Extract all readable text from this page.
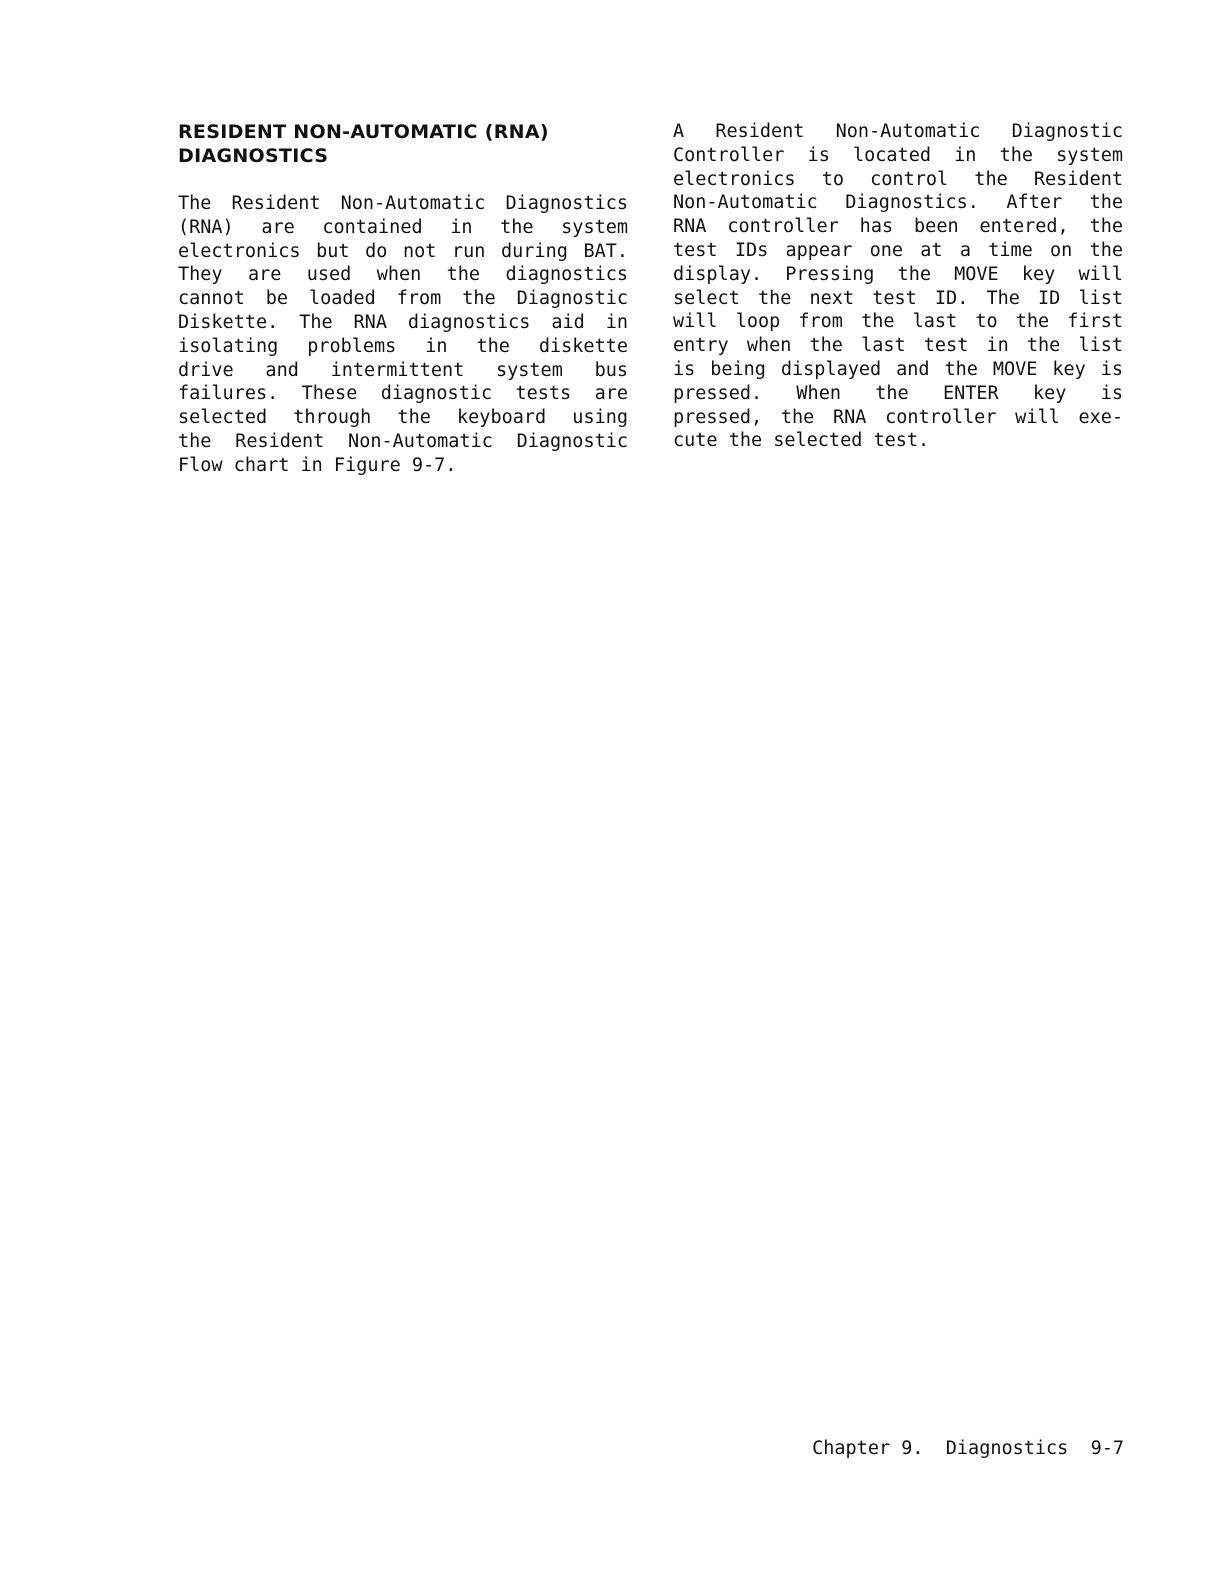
RESIDENT NON-AUTOMATIC (RNA)
DIAGNOSTICS

The Resident Non-Automatic Diagnostics
(RNA) are contained in the system
electronics but do not run during BAT.
They are used when the diagnostics
cannot be loaded from the Diagnostic
Diskette. The RNA diagnostics aid in
isolating problems in the diskette
drive and intermittent system bus
failures. These diagnostic tests are
selected through the keyboard using
the Resident Non-Automatic Diagnostic
Flow chart in Figure 9-7.

A Resident Non-Automatic Diagnostic
Controller is located in the system
electronics to control the Resident
Non-Automatic Diagnostics. After the
RNA controller has been entered, the
test IDs appear one at a time on the
display. Pressing the MOVE key will
select the next test ID. The ID list
will loop from the last to the first
entry when the last test in the list
is being displayed and the MOVE key is
pressed. When the ENTER key is
pressed, the RNA controller will exe-
cute the selected test.

Chapter 9.  Diagnostics  9-7
